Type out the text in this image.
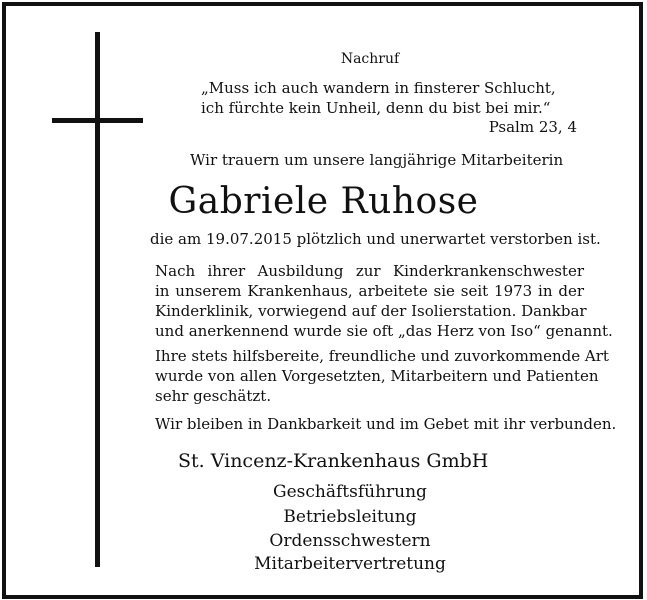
Nachruf
„Muss ich auch wandern in finsterer Schlucht,
ich fürchte kein Unheil, denn du bist bei mir.“
Psalm 23, 4
Wir trauern um unsere langjährige Mitarbeiterin
Gabriele Ruhose
die am 19.07.2015 plötzlich und unerwartet verstorben ist.
Nach ihrer Ausbildung zur Kinderkrankenschwester
in unserem Krankenhaus, arbeitete sie seit 1973 in der
Kinderklinik, vorwiegend auf der Isolierstation. Dankbar
und anerkennend wurde sie oft „das Herz von Iso“ genannt.
Ihre stets hilfsbereite, freundliche und zuvorkommende Art
wurde von allen Vorgesetzten, Mitarbeitern und Patienten
sehr geschätzt.
Wir bleiben in Dankbarkeit und im Gebet mit ihr verbunden.
St. Vincenz-Krankenhaus GmbH
Geschäftsführung
Betriebsleitung
Ordensschwestern
Mitarbeitervertretung
